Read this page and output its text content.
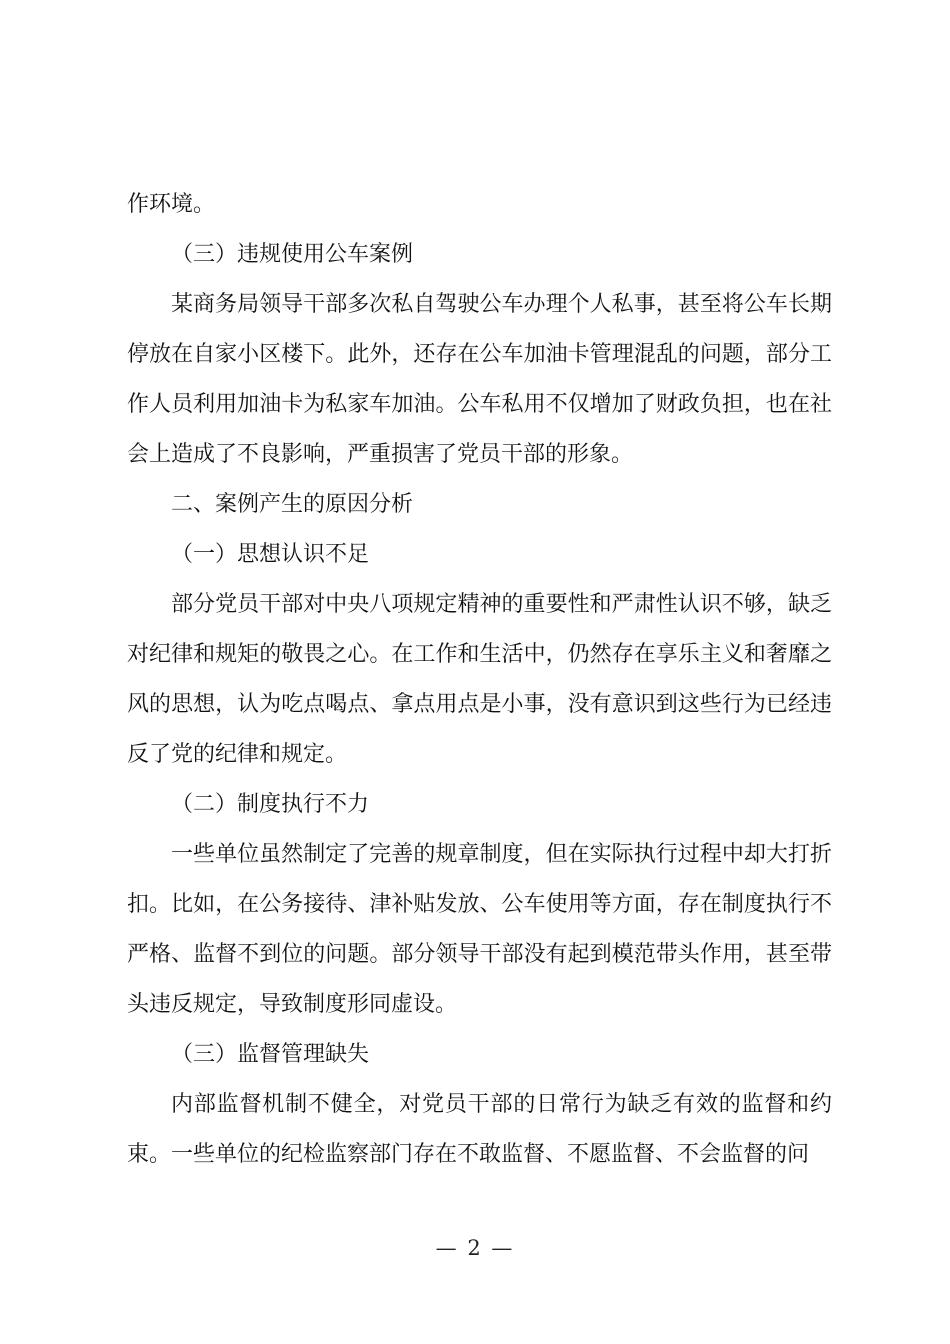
作环境。

（三）违规使用公车案例

某商务局领导干部多次私自驾驶公车办理个人私事，甚至将公车长期停放在自家小区楼下。此外，还存在公车加油卡管理混乱的问题，部分工作人员利用加油卡为私家车加油。公车私用不仅增加了财政负担，也在社会上造成了不良影响，严重损害了党员干部的形象。

二、案例产生的原因分析

（一）思想认识不足

部分党员干部对中央八项规定精神的重要性和严肃性认识不够，缺乏对纪律和规矩的敬畏之心。在工作和生活中，仍然存在享乐主义和奢靡之风的思想，认为吃点喝点、拿点用点是小事，没有意识到这些行为已经违反了党的纪律和规定。

（二）制度执行不力

一些单位虽然制定了完善的规章制度，但在实际执行过程中却大打折扣。比如，在公务接待、津补贴发放、公车使用等方面，存在制度执行不严格、监督不到位的问题。部分领导干部没有起到模范带头作用，甚至带头违反规定，导致制度形同虚设。

（三）监督管理缺失

内部监督机制不健全，对党员干部的日常行为缺乏有效的监督和约束。一些单位的纪检监察部门存在不敢监督、不愿监督、不会监督的问

— 2 —
